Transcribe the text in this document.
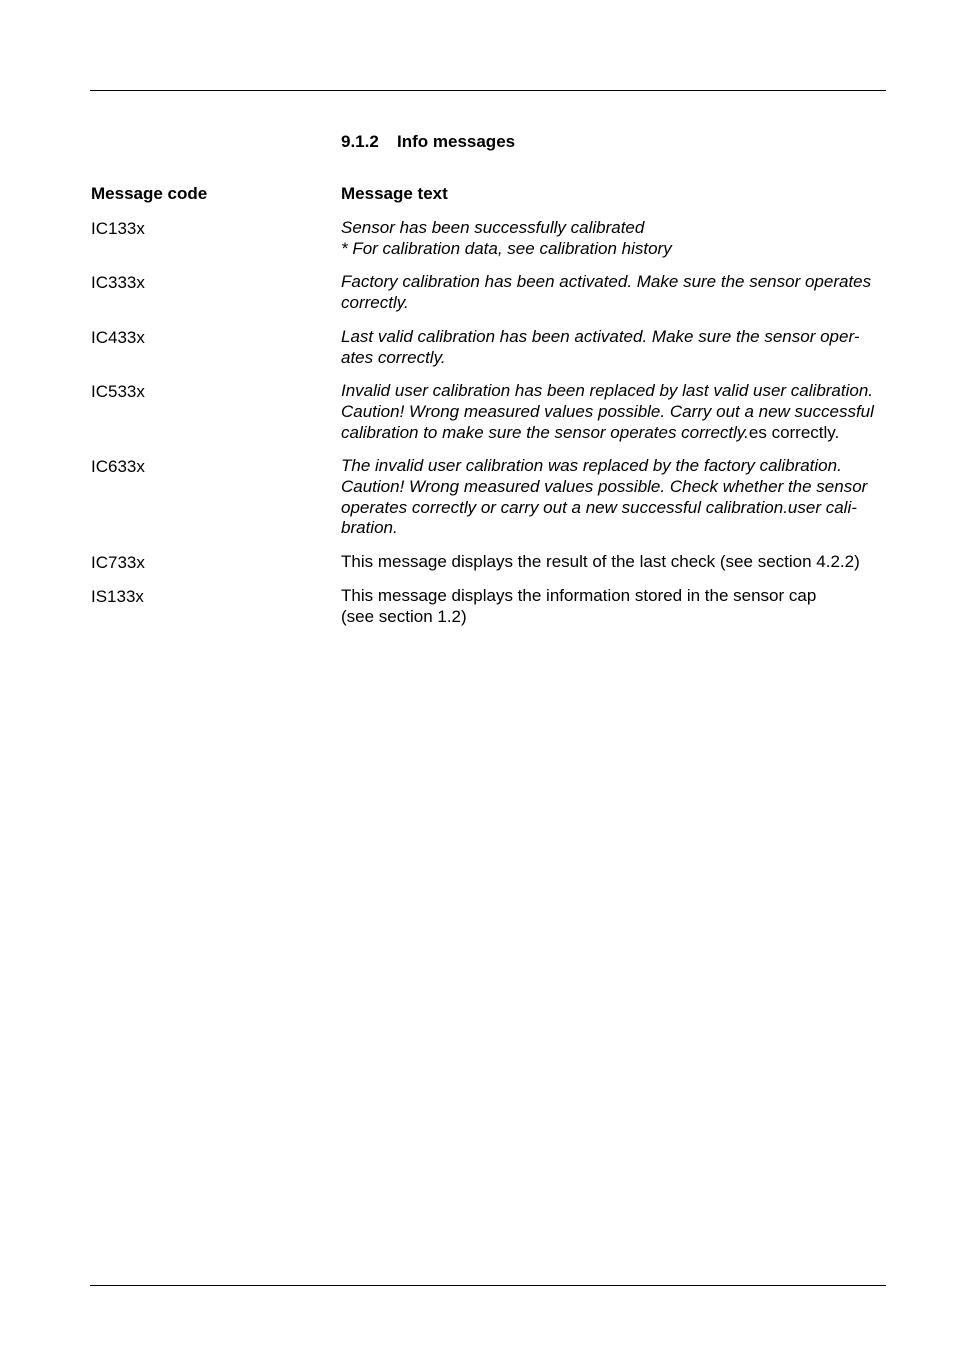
9.1.2 Info messages
Message code	Message text
IC133x	Sensor has been successfully calibrated
* For calibration data, see calibration history
IC333x	Factory calibration has been activated. Make sure the sensor operates
correctly.
IC433x	Last valid calibration has been activated. Make sure the sensor oper-
ates correctly.
IC533x	Invalid user calibration has been replaced by last valid user calibration.
Caution! Wrong measured values possible. Carry out a new successful
calibration to make sure the sensor operates correctly.es correctly.
IC633x	The invalid user calibration was replaced by the factory calibration.
Caution! Wrong measured values possible. Check whether the sensor
operates correctly or carry out a new successful calibration.user cali-
bration.
IC733x	This message displays the result of the last check (see section 4.2.2)
IS133x	This message displays the information stored in the sensor cap
(see section 1.2)
